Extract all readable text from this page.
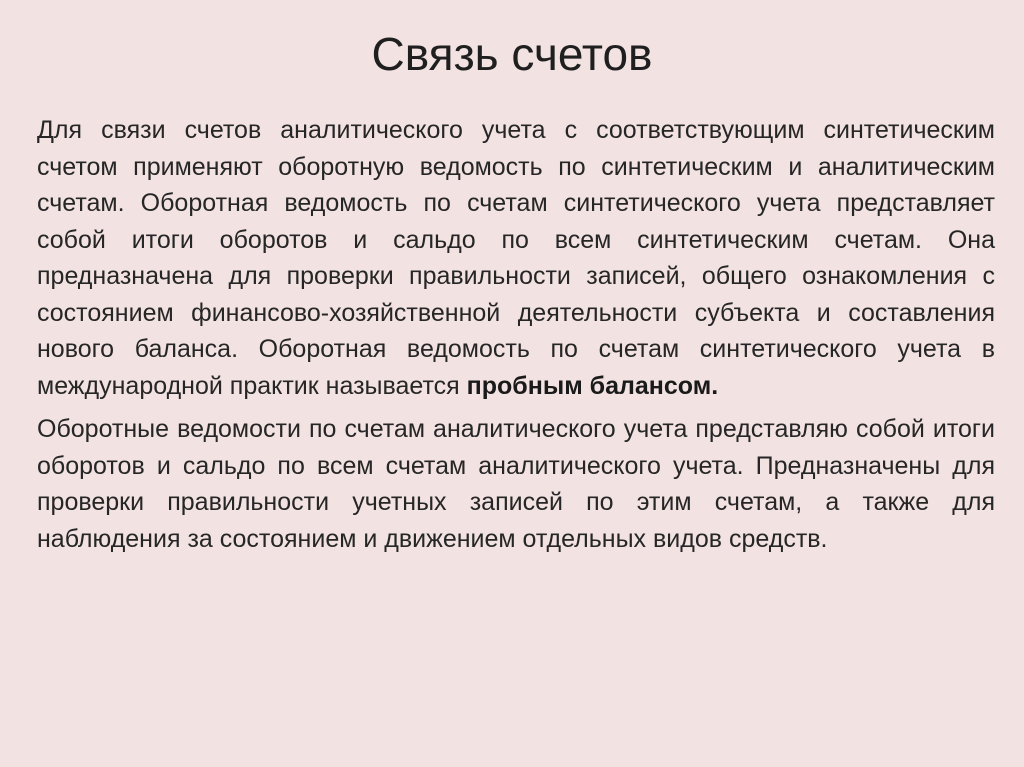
Связь счетов

Для связи счетов аналитического учета с соответствующим синтетическим счетом применяют оборотную ведомость по синтетическим и аналитическим счетам. Оборотная ведомость по счетам синтетического учета представляет собой итоги оборотов и сальдо по всем синтетическим счетам. Она предназначена для проверки правильности записей, общего ознакомления с состоянием финансово-хозяйственной деятельности субъекта и составления нового баланса. Оборотная ведомость по счетам синтетического учета в международной практик называется пробным балансом.

Оборотные ведомости по счетам аналитического учета представляю собой итоги оборотов и сальдо по всем счетам аналитического учета. Предназначены для проверки правильности учетных записей по этим счетам, а также для наблюдения за состоянием и движением отдельных видов средств.
